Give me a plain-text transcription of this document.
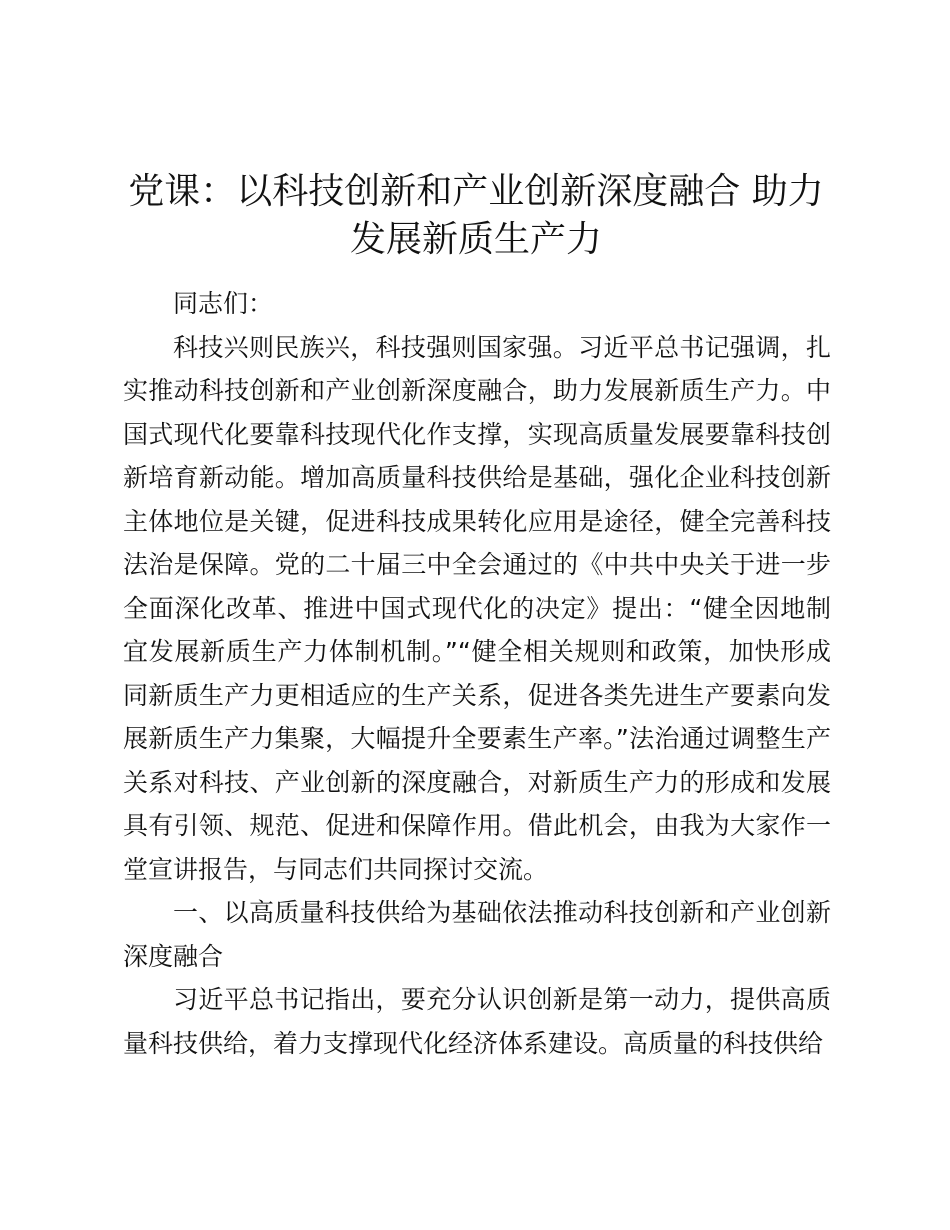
党课：以科技创新和产业创新深度融合 助力发展新质生产力

同志们：

科技兴则民族兴，科技强则国家强。习近平总书记强调，扎实推动科技创新和产业创新深度融合，助力发展新质生产力。中国式现代化要靠科技现代化作支撑，实现高质量发展要靠科技创新培育新动能。增加高质量科技供给是基础，强化企业科技创新主体地位是关键，促进科技成果转化应用是途径，健全完善科技法治是保障。党的二十届三中全会通过的《中共中央关于进一步全面深化改革、推进中国式现代化的决定》提出：“健全因地制宜发展新质生产力体制机制。”“健全相关规则和政策，加快形成同新质生产力更相适应的生产关系，促进各类先进生产要素向发展新质生产力集聚，大幅提升全要素生产率。”法治通过调整生产关系对科技、产业创新的深度融合，对新质生产力的形成和发展具有引领、规范、促进和保障作用。借此机会，由我为大家作一堂宣讲报告，与同志们共同探讨交流。

一、以高质量科技供给为基础依法推动科技创新和产业创新深度融合

习近平总书记指出，要充分认识创新是第一动力，提供高质量科技供给，着力支撑现代化经济体系建设。高质量的科技供给
